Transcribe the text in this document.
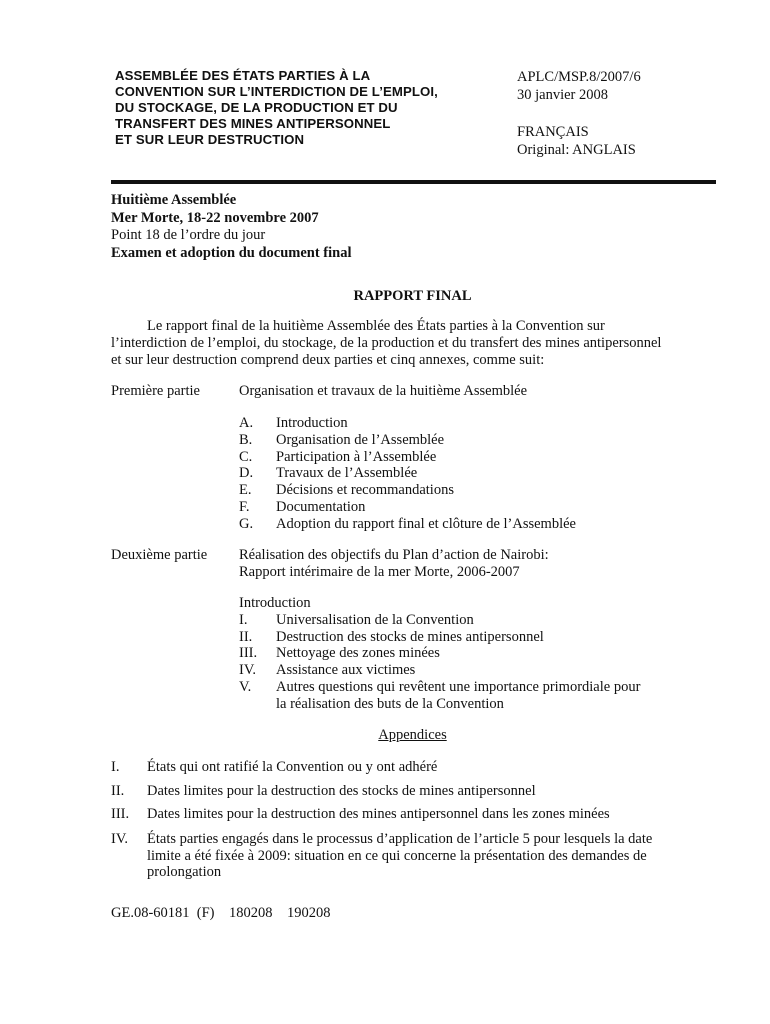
ASSEMBLÉE DES ÉTATS PARTIES À LA
CONVENTION SUR L’INTERDICTION DE L’EMPLOI,
DU STOCKAGE, DE LA PRODUCTION ET DU
TRANSFERT DES MINES ANTIPERSONNEL
ET SUR LEUR DESTRUCTION
APLC/MSP.8/2007/6
30 janvier 2008
FRANÇAIS
Original: ANGLAIS
Huitième Assemblée
Mer Morte, 18-22 novembre 2007
Point 18 de l’ordre du jour
Examen et adoption du document final
RAPPORT FINAL
Le rapport final de la huitième Assemblée des États parties à la Convention sur
l’interdiction de l’emploi, du stockage, de la production et du transfert des mines antipersonnel
et sur leur destruction comprend deux parties et cinq annexes, comme suit:
Première partie	Organisation et travaux de la huitième Assemblée
A. Introduction
B. Organisation de l’Assemblée
C. Participation à l’Assemblée
D. Travaux de l’Assemblée
E. Décisions et recommandations
F. Documentation
G. Adoption du rapport final et clôture de l’Assemblée
Deuxième partie Réalisation des objectifs du Plan d’action de Nairobi:
Rapport intérimaire de la mer Morte, 2006-2007
Introduction
I. Universalisation de la Convention
II. Destruction des stocks de mines antipersonnel
III. Nettoyage des zones minées
IV. Assistance aux victimes
V. Autres questions qui revêtent une importance primordiale pour
la réalisation des buts de la Convention
Appendices
I. États qui ont ratifié la Convention ou y ont adhéré
II. Dates limites pour la destruction des stocks de mines antipersonnel
III. Dates limites pour la destruction des mines antipersonnel dans les zones minées
IV. États parties engagés dans le processus d’application de l’article 5 pour lesquels la date
limite a été fixée à 2009: situation en ce qui concerne la présentation des demandes de
prolongation
GE.08-60181  (F)    180208    190208
